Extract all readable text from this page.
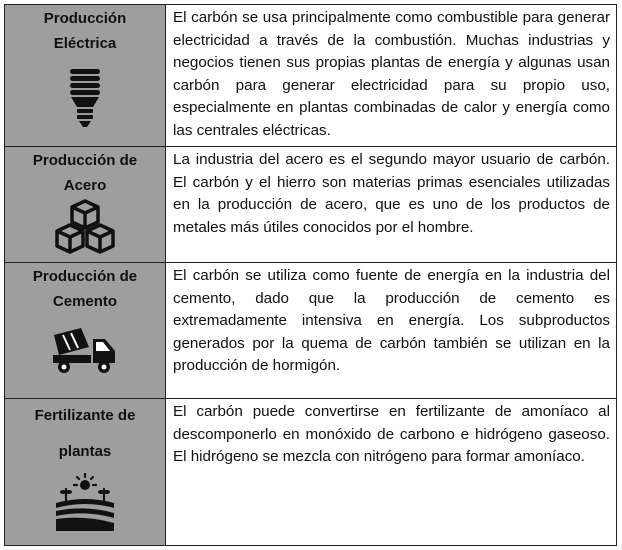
Producción
Eléctrica

El carbón se usa principalmente como combustible para generar electricidad a través de la combustión. Muchas industrias y negocios tienen sus propias plantas de energía y algunas usan carbón para generar electricidad para su propio uso, especialmente en plantas combinadas de calor y energía como las centrales eléctricas.

Producción de
Acero

La industria del acero es el segundo mayor usuario de carbón. El carbón y el hierro son materias primas esenciales utilizadas en la producción de acero, que es uno de los productos de metales más útiles conocidos por el hombre.

Producción de
Cemento

El carbón se utiliza como fuente de energía en la industria del cemento, dado que la producción de cemento es extremadamente intensiva en energía. Los subproductos generados por la quema de carbón también se utilizan en la producción de hormigón.

Fertilizante de
plantas

El carbón puede convertirse en fertilizante de amoníaco al descomponerlo en monóxido de carbono e hidrógeno gaseoso. El hidrógeno se mezcla con nitrógeno para formar amoníaco.
